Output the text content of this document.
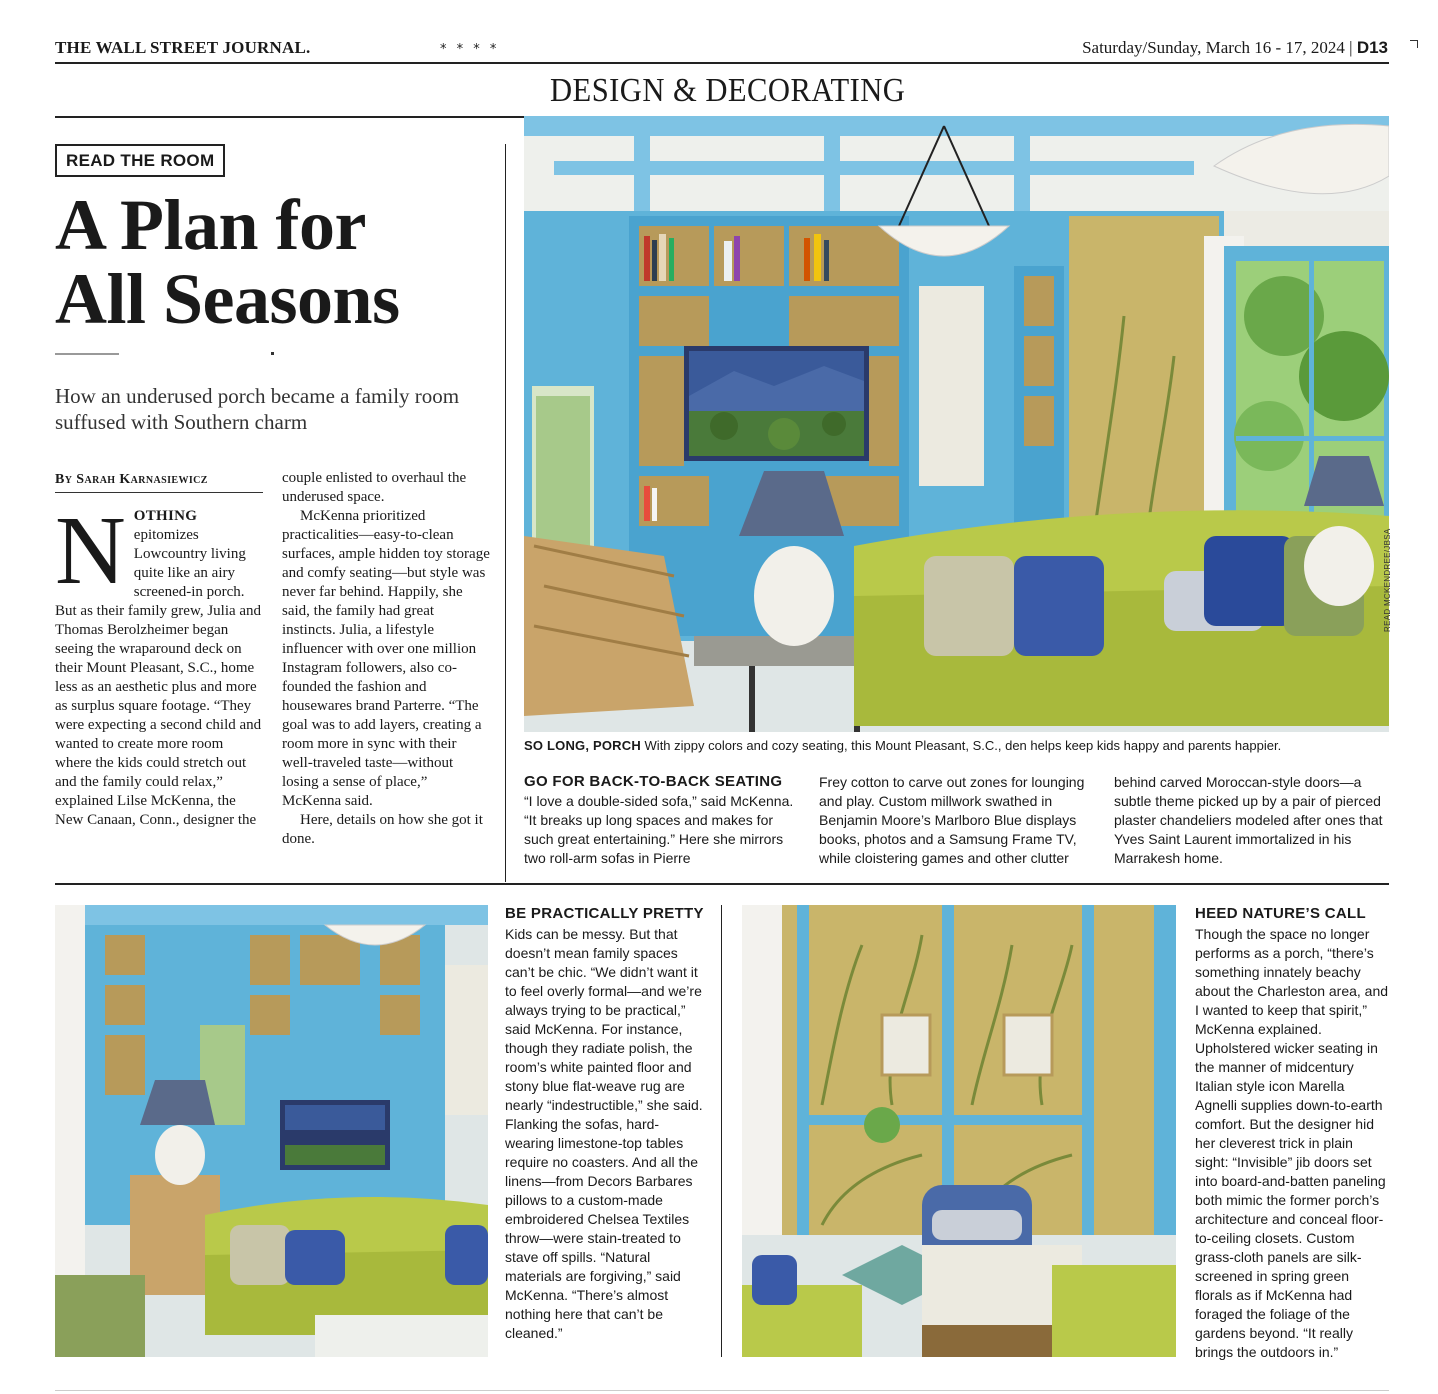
THE WALL STREET JOURNAL.	* * * *	Saturday/Sunday, March 16 - 17, 2024 | D13
DESIGN & DECORATING
READ THE ROOM
A Plan for
All Seasons
How an underused porch became a family room suffused with Southern charm
By Sarah Karnasiewicz

NOTHING epitomizes Lowcountry living quite like an airy screened-in porch. But as their family grew, Julia and Thomas Berolzheimer began seeing the wraparound deck on their Mount Pleasant, S.C., home less as an aesthetic plus and more as surplus square footage. “They were expecting a second child and wanted to create more room where the kids could stretch out and the family could relax,” explained Lilse McKenna, the New Canaan, Conn., designer the

couple enlisted to overhaul the underused space.

McKenna prioritized practicalities—easy-to-clean surfaces, ample hidden toy storage and comfy seating—but style was never far behind. Happily, she said, the family had great instincts. Julia, a lifestyle influencer with over one million Instagram followers, also co-founded the fashion and housewares brand Parterre. “The goal was to add layers, creating a room more in sync with their well-traveled taste—without losing a sense of place,” McKenna said.

Here, details on how she got it done.

READ MCKENDREE/JBSA
SO LONG, PORCH With zippy colors and cozy seating, this Mount Pleasant, S.C., den helps keep kids happy and parents happier.
GO FOR BACK-TO-BACK SEATING
“I love a double-sided sofa,” said McKenna. “It breaks up long spaces and makes for such great entertaining.” Here she mirrors two roll-arm sofas in Pierre
Frey cotton to carve out zones for lounging and play. Custom millwork swathed in Benjamin Moore’s Marlboro Blue displays books, photos and a Samsung Frame TV, while cloistering games and other clutter
behind carved Moroccan-style doors—a subtle theme picked up by a pair of pierced plaster chandeliers modeled after ones that Yves Saint Laurent immortalized in his Marrakesh home.
BE PRACTICALLY PRETTY
Kids can be messy. But that doesn’t mean family spaces can’t be chic. “We didn’t want it to feel overly formal—and we’re always trying to be practical,” said McKenna. For instance, though they radiate polish, the room’s white painted floor and stony blue flat-weave rug are nearly “indestructible,” she said. Flanking the sofas, hard-wearing limestone-top tables require no coasters. And all the linens—from Decors Barbares pillows to a custom-made embroidered Chelsea Textiles throw—were stain-treated to stave off spills. “Natural materials are forgiving,” said McKenna. “There’s almost nothing here that can’t be cleaned.”
HEED NATURE’S CALL
Though the space no longer performs as a porch, “there’s something innately beachy about the Charleston area, and I wanted to keep that spirit,” McKenna explained. Upholstered wicker seating in the manner of midcentury Italian style icon Marella Agnelli supplies down-to-earth comfort. But the designer hid her cleverest trick in plain sight: “Invisible” jib doors set into board-and-batten paneling both mimic the former porch’s architecture and conceal floor-to-ceiling closets. Custom grass-cloth panels are silk-screened in spring green florals as if McKenna had foraged the foliage of the gardens beyond. “It really brings the outdoors in.”
